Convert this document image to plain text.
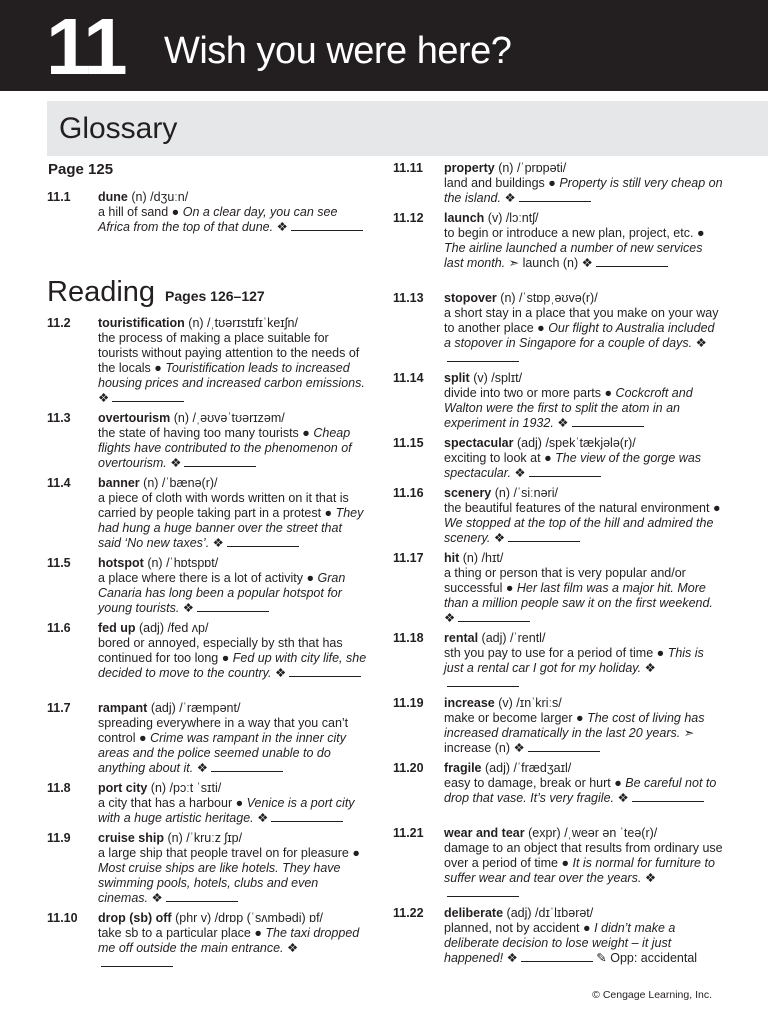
11 Wish you were here?
Glossary
Page 125
Reading Pages 126–127
11.1 dune (n) /dʒuːn/
a hill of sand ● On a clear day, you can see Africa from the top of that dune. ❖
11.2 touristification (n) /ˌtʊərɪstɪfɪˈkeɪʃn/
the process of making a place suitable for tourists without paying attention to the needs of the locals ● Touristification leads to increased housing prices and increased carbon emissions. ❖
11.3 overtourism (n) /ˌəʊvəˈtʊərɪzəm/
the state of having too many tourists ● Cheap flights have contributed to the phenomenon of overtourism. ❖
11.4 banner (n) /ˈbænə(r)/
a piece of cloth with words written on it that is carried by people taking part in a protest ● They had hung a huge banner over the street that said ‘No new taxes’. ❖
11.5 hotspot (n) /ˈhɒtspɒt/
a place where there is a lot of activity ● Gran Canaria has long been a popular hotspot for young tourists. ❖
11.6 fed up (adj) /fed ʌp/
bored or annoyed, especially by sth that has continued for too long ● Fed up with city life, she decided to move to the country. ❖
11.7 rampant (adj) /ˈræmpənt/
spreading everywhere in a way that you can’t control ● Crime was rampant in the inner city areas and the police seemed unable to do anything about it. ❖
11.8 port city (n) /pɔːt ˈsɪti/
a city that has a harbour ● Venice is a port city with a huge artistic heritage. ❖
11.9 cruise ship (n) /ˈkruːz ʃɪp/
a large ship that people travel on for pleasure ● Most cruise ships are like hotels. They have swimming pools, hotels, clubs and even cinemas. ❖
11.10 drop (sb) off (phr v) /drɒp (ˈsʌmbədi) ɒf/
take sb to a particular place ● The taxi dropped me off outside the main entrance. ❖
11.11 property (n) /ˈprɒpəti/
land and buildings ● Property is still very cheap on the island. ❖
11.12 launch (v) /lɔːntʃ/
to begin or introduce a new plan, project, etc. ● The airline launched a number of new services last month. ➣ launch (n) ❖
11.13 stopover (n) /ˈstɒpˌəʊvə(r)/
a short stay in a place that you make on your way to another place ● Our flight to Australia included a stopover in Singapore for a couple of days. ❖
11.14 split (v) /splɪt/
divide into two or more parts ● Cockcroft and Walton were the first to split the atom in an experiment in 1932. ❖
11.15 spectacular (adj) /spekˈtækjələ(r)/
exciting to look at ● The view of the gorge was spectacular. ❖
11.16 scenery (n) /ˈsiːnəri/
the beautiful features of the natural environment ● We stopped at the top of the hill and admired the scenery. ❖
11.17 hit (n) /hɪt/
a thing or person that is very popular and/or successful ● Her last film was a major hit. More than a million people saw it on the first weekend. ❖
11.18 rental (adj) /ˈrentl/
sth you pay to use for a period of time ● This is just a rental car I got for my holiday. ❖
11.19 increase (v) /ɪnˈkriːs/
make or become larger ● The cost of living has increased dramatically in the last 20 years. ➣ increase (n) ❖
11.20 fragile (adj) /ˈfrædʒaɪl/
easy to damage, break or hurt ● Be careful not to drop that vase. It’s very fragile. ❖
11.21 wear and tear (expr) /ˌweər ən ˈteə(r)/
damage to an object that results from ordinary use over a period of time ● It is normal for furniture to suffer wear and tear over the years. ❖
11.22 deliberate (adj) /dɪˈlɪbərət/
planned, not by accident ● I didn’t make a deliberate decision to lose weight – it just happened! ❖	✎ Opp: accidental
© Cengage Learning, Inc.
